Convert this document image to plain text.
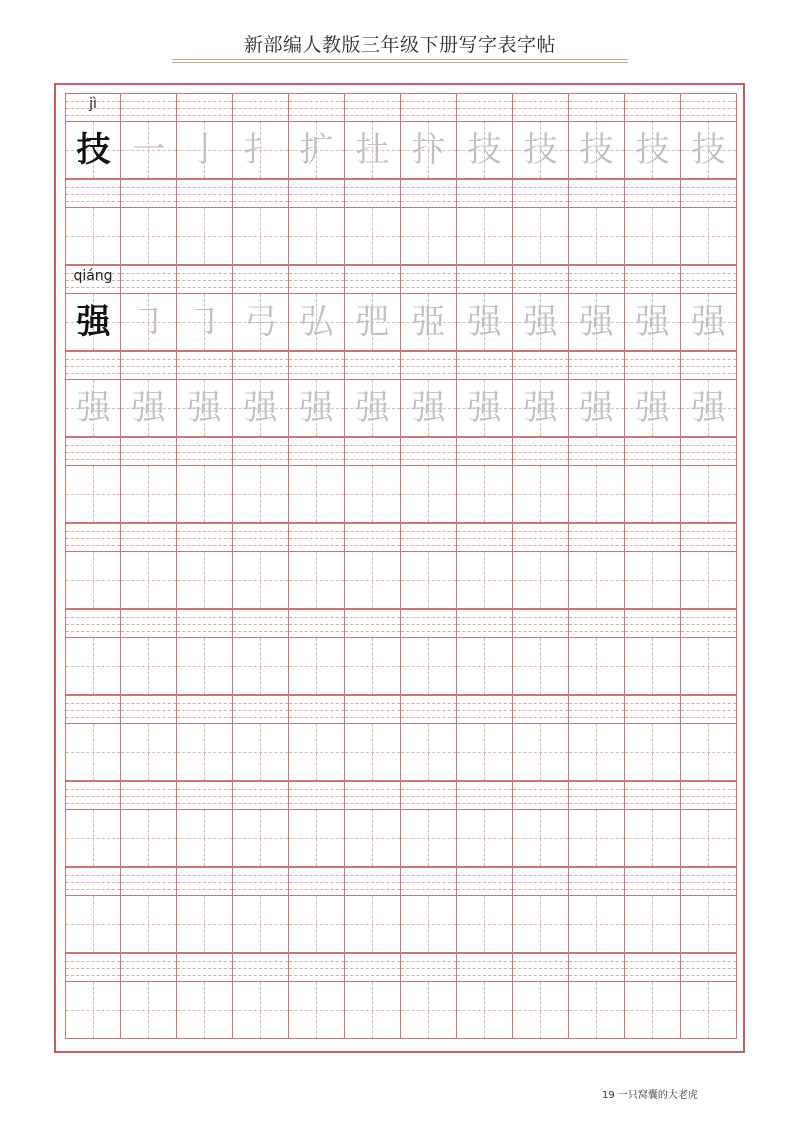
新部编人教版三年级下册写字表字帖
jì
技 一 亅 扌 扩 扗 抃 技 技 技 技 技
qiáng
强 ㇆ ㇆ 弓 弘 弝 弫 强 强 强 强 强
强 强 强 强 强 强 强 强 强 强 强 强
19 一只窝囊的大老虎
